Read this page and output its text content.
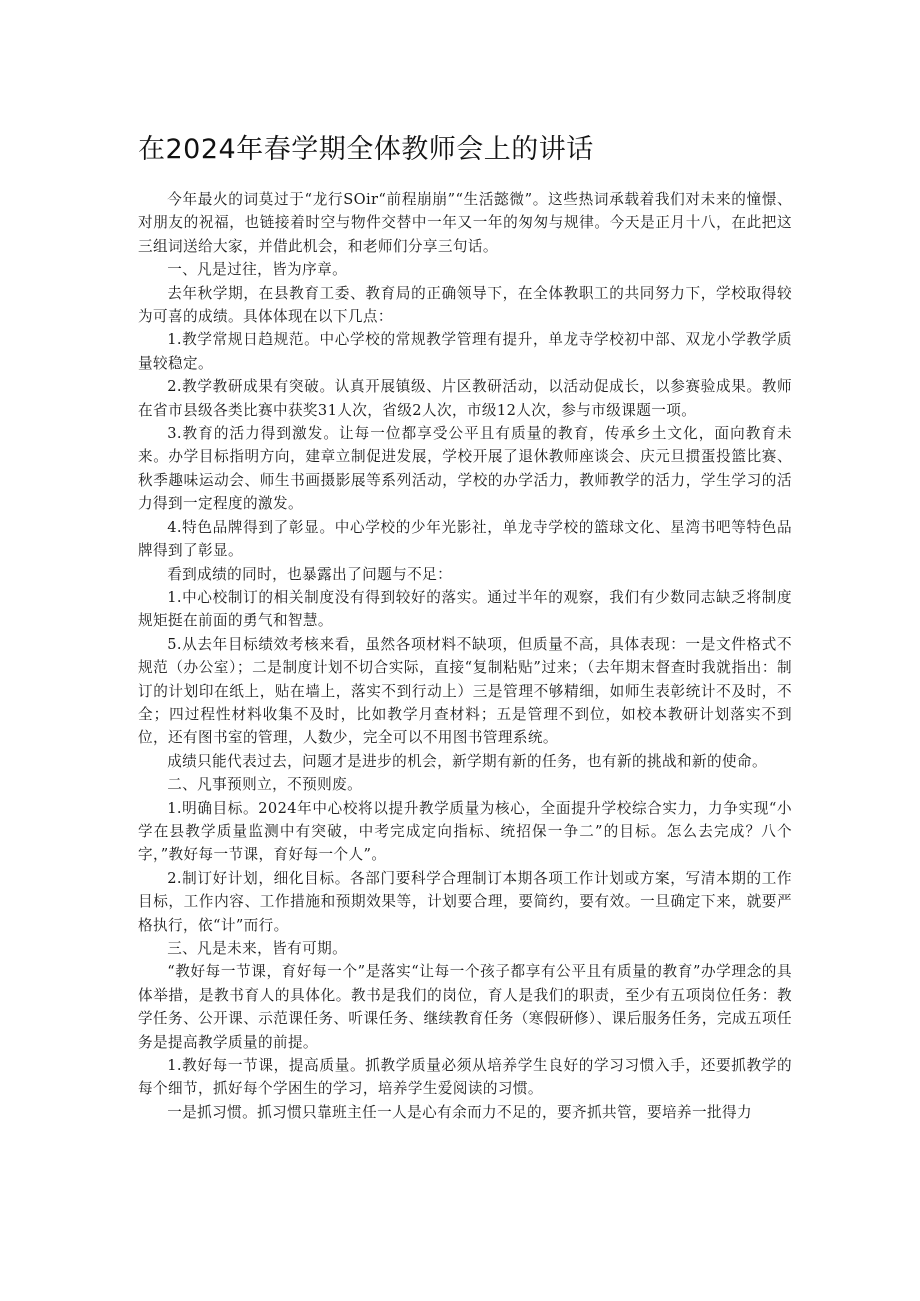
在2024年春学期全体教师会上的讲话

今年最火的词莫过于“龙行SOir“前程崩崩”“生活懿微”。这些热词承载着我们对未来的憧憬、对朋友的祝福，也链接着时空与物件交替中一年又一年的匆匆与规律。今天是正月十八，在此把这三组词送给大家，并借此机会，和老师们分享三句话。

一、凡是过往，皆为序章。

去年秋学期，在县教育工委、教育局的正确领导下，在全体教职工的共同努力下，学校取得较为可喜的成绩。具体体现在以下几点：

1.教学常规日趋规范。中心学校的常规教学管理有提升，单龙寺学校初中部、双龙小学教学质量较稳定。

2.教学教研成果有突破。认真开展镇级、片区教研活动，以活动促成长，以参赛验成果。教师在省市县级各类比赛中获奖31人次，省级2人次，市级12人次，参与市级课题一项。

3.教育的活力得到激发。让每一位都享受公平且有质量的教育，传承乡土文化，面向教育未来。办学目标指明方向，建章立制促进发展，学校开展了退休教师座谈会、庆元旦掼蛋投篮比赛、秋季趣味运动会、师生书画摄影展等系列活动，学校的办学活力，教师教学的活力，学生学习的活力得到一定程度的激发。

4.特色品牌得到了彰显。中心学校的少年光影社，单龙寺学校的篮球文化、星湾书吧等特色品牌得到了彰显。

看到成绩的同时，也暴露出了问题与不足：

1.中心校制订的相关制度没有得到较好的落实。通过半年的观察，我们有少数同志缺乏将制度规矩挺在前面的勇气和智慧。

5.从去年目标绩效考核来看，虽然各项材料不缺项，但质量不高，具体表现：一是文件格式不规范（办公室）；二是制度计划不切合实际，直接“复制粘贴”过来；（去年期末督查时我就指出：制订的计划印在纸上，贴在墙上，落实不到行动上）三是管理不够精细，如师生表彰统计不及时，不全；四过程性材料收集不及时，比如教学月查材料；五是管理不到位，如校本教研计划落实不到位，还有图书室的管理，人数少，完全可以不用图书管理系统。

成绩只能代表过去，问题才是进步的机会，新学期有新的任务，也有新的挑战和新的使命。

二、凡事预则立，不预则废。

1.明确目标。2024年中心校将以提升教学质量为核心，全面提升学校综合实力，力争实现“小学在县教学质量监测中有突破，中考完成定向指标、统招保一争二”的目标。怎么去完成？八个字，”教好每一节课，育好每一个人”。

2.制订好计划，细化目标。各部门要科学合理制订本期各项工作计划或方案，写清本期的工作目标，工作内容、工作措施和预期效果等，计划要合理，要简约，要有效。一旦确定下来，就要严格执行，依“计”而行。

三、凡是未来，皆有可期。

“教好每一节课，育好每一个”是落实“让每一个孩子都享有公平且有质量的教育”办学理念的具体举措，是教书育人的具体化。教书是我们的岗位，育人是我们的职责，至少有五项岗位任务：教学任务、公开课、示范课任务、听课任务、继续教育任务（寒假研修）、课后服务任务，完成五项任务是提高教学质量的前提。

1.教好每一节课，提高质量。抓教学质量必须从培养学生良好的学习习惯入手，还要抓教学的每个细节，抓好每个学困生的学习，培养学生爱阅读的习惯。

一是抓习惯。抓习惯只靠班主任一人是心有余而力不足的，要齐抓共管，要培养一批得力
